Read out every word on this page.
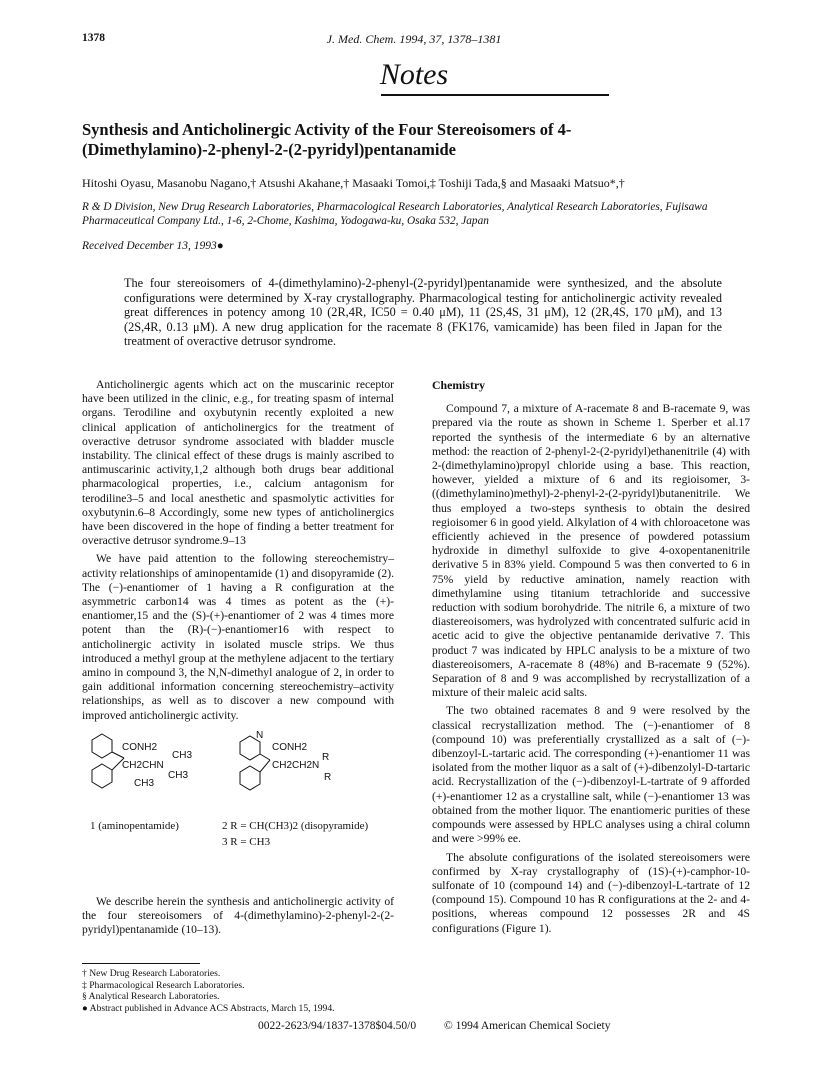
1378	J. Med. Chem. 1994, 37, 1378–1381
Notes
Synthesis and Anticholinergic Activity of the Four Stereoisomers of 4-(Dimethylamino)-2-phenyl-2-(2-pyridyl)pentanamide
Hitoshi Oyasu, Masanobu Nagano,† Atsushi Akahane,† Masaaki Tomoi,‡ Toshiji Tada,§ and Masaaki Matsuo*,†
R & D Division, New Drug Research Laboratories, Pharmacological Research Laboratories, Analytical Research Laboratories, Fujisawa Pharmaceutical Company Ltd., 1-6, 2-Chome, Kashima, Yodogawa-ku, Osaka 532, Japan
Received December 13, 1993●
The four stereoisomers of 4-(dimethylamino)-2-phenyl-(2-pyridyl)pentanamide were synthesized, and the absolute configurations were determined by X-ray crystallography. Pharmacological testing for anticholinergic activity revealed great differences in potency among 10 (2R,4R, IC50 = 0.40 μM), 11 (2S,4S, 31 μM), 12 (2R,4S, 170 μM), and 13 (2S,4R, 0.13 μM). A new drug application for the racemate 8 (FK176, vamicamide) has been filed in Japan for the treatment of overactive detrusor syndrome.

Anticholinergic agents which act on the muscarinic receptor have been utilized in the clinic, e.g., for treating spasm of internal organs. Terodiline and oxybutynin recently exploited a new clinical application of anticholinergics for the treatment of overactive detrusor syndrome associated with bladder muscle instability. The clinical effect of these drugs is mainly ascribed to antimuscarinic activity,1,2 although both drugs bear additional pharmacological properties, i.e., calcium antagonism for terodiline3–5 and local anesthetic and spasmolytic activities for oxybutynin.6–8 Accordingly, some new types of anticholinergics have been discovered in the hope of finding a better treatment for overactive detrusor syndrome.9–13

We have paid attention to the following stereochemistry–activity relationships of aminopentamide (1) and disopyramide (2). The (−)-enantiomer of 1 having a R configuration at the asymmetric carbon14 was 4 times as potent as the (+)-enantiomer,15 and the (S)-(+)-enantiomer of 2 was 4 times more potent than the (R)-(−)-enantiomer16 with respect to anticholinergic activity in isolated muscle strips. We thus introduced a methyl group at the methylene adjacent to the tertiary amino in compound 3, the N,N-dimethyl analogue of 2, in order to gain additional information concerning stereochemistry–activity relationships, as well as to discover a new compound with improved anticholinergic activity.

CONH2
CH3
CH2CHN
CH3
CH3
N
CONH2
R
CH2CH2N
R
1 (aminopentamide)	2 R = CH(CH3)2 (disopyramide)
3 R = CH3

We describe herein the synthesis and anticholinergic activity of the four stereoisomers of 4-(dimethylamino)-2-phenyl-2-(2-pyridyl)pentanamide (10–13).

† New Drug Research Laboratories.
‡ Pharmacological Research Laboratories.
§ Analytical Research Laboratories.
● Abstract published in Advance ACS Abstracts, March 15, 1994.
Chemistry

Compound 7, a mixture of A-racemate 8 and B-racemate 9, was prepared via the route as shown in Scheme 1. Sperber et al.17 reported the synthesis of the intermediate 6 by an alternative method: the reaction of 2-phenyl-2-(2-pyridyl)ethanenitrile (4) with 2-(dimethylamino)propyl chloride using a base. This reaction, however, yielded a mixture of 6 and its regioisomer, 3-((dimethylamino)methyl)-2-phenyl-2-(2-pyridyl)butanenitrile. We thus employed a two-steps synthesis to obtain the desired regioisomer 6 in good yield. Alkylation of 4 with chloroacetone was efficiently achieved in the presence of powdered potassium hydroxide in dimethyl sulfoxide to give 4-oxopentanenitrile derivative 5 in 83% yield. Compound 5 was then converted to 6 in 75% yield by reductive amination, namely reaction with dimethylamine using titanium tetrachloride and successive reduction with sodium borohydride. The nitrile 6, a mixture of two diastereoisomers, was hydrolyzed with concentrated sulfuric acid in acetic acid to give the objective pentanamide derivative 7. This product 7 was indicated by HPLC analysis to be a mixture of two diastereoisomers, A-racemate 8 (48%) and B-racemate 9 (52%). Separation of 8 and 9 was accomplished by recrystallization of a mixture of their maleic acid salts.

The two obtained racemates 8 and 9 were resolved by the classical recrystallization method. The (−)-enantiomer of 8 (compound 10) was preferentially crystallized as a salt of (−)-dibenzoyl-L-tartaric acid. The corresponding (+)-enantiomer 11 was isolated from the mother liquor as a salt of (+)-dibenzolyl-D-tartaric acid. Recrystallization of the (−)-dibenzoyl-L-tartrate of 9 afforded (+)-enantiomer 12 as a crystalline salt, while (−)-enantiomer 13 was obtained from the mother liquor. The enantiomeric purities of these compounds were assessed by HPLC analyses using a chiral column and were >99% ee.

The absolute configurations of the isolated stereoisomers were confirmed by X-ray crystallography of (1S)-(+)-camphor-10-sulfonate of 10 (compound 14) and (−)-dibenzoyl-L-tartrate of 12 (compound 15). Compound 10 has R configurations at the 2- and 4-positions, whereas compound 12 possesses 2R and 4S configurations (Figure 1).

0022-2623/94/1837-1378$04.50/0 © 1994 American Chemical Society
